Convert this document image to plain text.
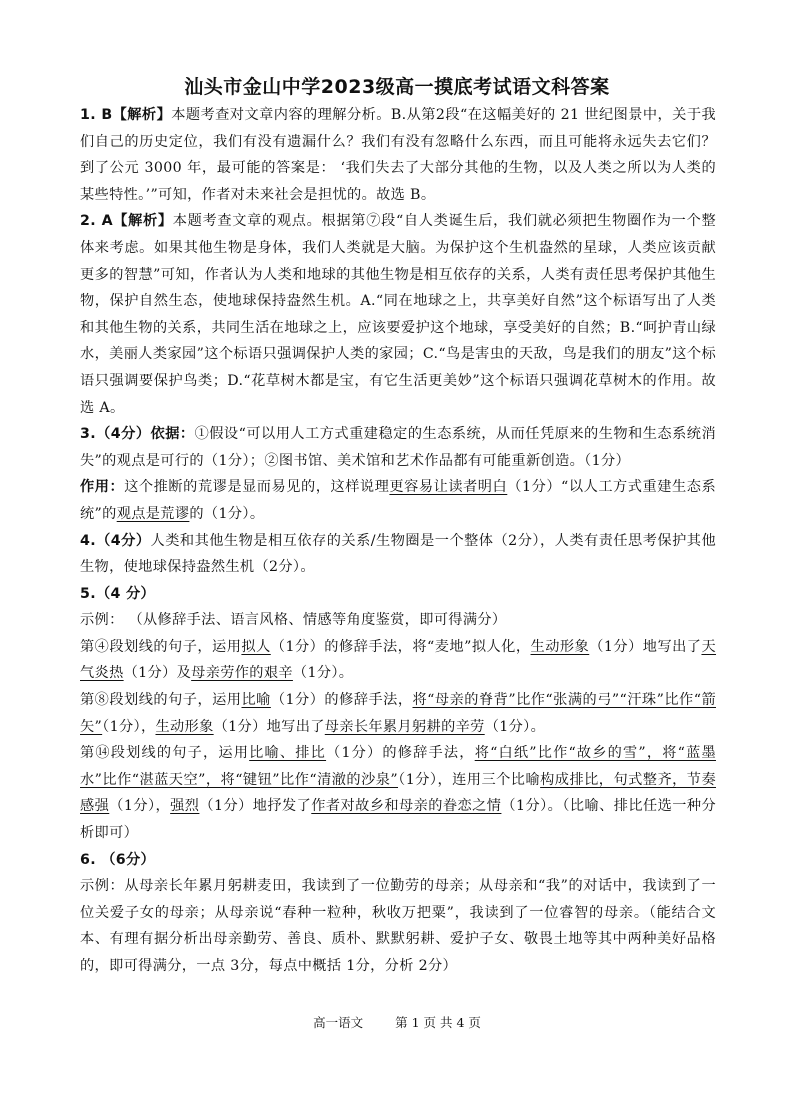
汕头市金山中学2023级高一摸底考试语文科答案

1. B【解析】本题考查对文章内容的理解分析。B.从第2段“在这幅美好的 21 世纪图景中，关于我们自己的历史定位，我们有没有遗漏什么？我们有没有忽略什么东西，而且可能将永远失去它们？ 到了公元 3000 年，最可能的答案是： ‘我们失去了大部分其他的生物，以及人类之所以为人类的某些特性。’”可知，作者对未来社会是担忧的。故选 B。

2. A【解析】本题考查文章的观点。根据第⑦段“自人类诞生后，我们就必须把生物圈作为一个整体来考虑。如果其他生物是身体，我们人类就是大脑。为保护这个生机盎然的星球，人类应该贡献更多的智慧”可知，作者认为人类和地球的其他生物是相互依存的关系，人类有责任思考保护其他生物，保护自然生态，使地球保持盎然生机。A.“同在地球之上，共享美好自然”这个标语写出了人类和其他生物的关系，共同生活在地球之上，应该要爱护这个地球，享受美好的自然；B.“呵护青山绿水，美丽人类家园”这个标语只强调保护人类的家园；C.“鸟是害虫的天敌，鸟是我们的朋友”这个标语只强调要保护鸟类；D.“花草树木都是宝，有它生活更美妙”这个标语只强调花草树木的作用。故选 A。

3.（4分）依据：①假设“可以用人工方式重建稳定的生态系统，从而任凭原来的生物和生态系统消失”的观点是可行的（1分）；②图书馆、美术馆和艺术作品都有可能重新创造。（1分）

作用：这个推断的荒谬是显而易见的，这样说理更容易让读者明白（1分）“以人工方式重建生态系统”的观点是荒谬的（1分）。

4.（4分）人类和其他生物是相互依存的关系/生物圈是一个整体（2分），人类有责任思考保护其他生物，使地球保持盎然生机（2分）。

5.（4 分）

示例： （从修辞手法、语言风格、情感等角度鉴赏，即可得满分）

第④段划线的句子，运用拟人（1分）的修辞手法，将“麦地”拟人化，生动形象（1分）地写出了天气炎热（1分）及母亲劳作的艰辛（1分）。

第⑧段划线的句子，运用比喻（1分）的修辞手法，将“母亲的脊背”比作“张满的弓”“汗珠”比作“箭矢”（1分），生动形象（1分）地写出了母亲长年累月躬耕的辛劳（1分）。

第⑭段划线的句子，运用比喻、排比（1分）的修辞手法，将“白纸”比作“故乡的雪”，将“蓝墨水”比作“湛蓝天空”，将“键钮”比作“清澈的沙泉”（1分），连用三个比喻构成排比，句式整齐，节奏感强（1分），强烈（1分）地抒发了作者对故乡和母亲的眷恋之情（1分）。（比喻、排比任选一种分析即可）

6. （6分）

示例：从母亲长年累月躬耕麦田，我读到了一位勤劳的母亲；从母亲和“我”的对话中，我读到了一位关爱子女的母亲；从母亲说“春种一粒种，秋收万把粟”，我读到了一位睿智的母亲。（能结合文本、有理有据分析出母亲勤劳、善良、质朴、默默躬耕、爱护子女、敬畏土地等其中两种美好品格的，即可得满分，一点 3分，每点中概括 1分，分析 2分）

高一语文	第 1 页 共 4 页
